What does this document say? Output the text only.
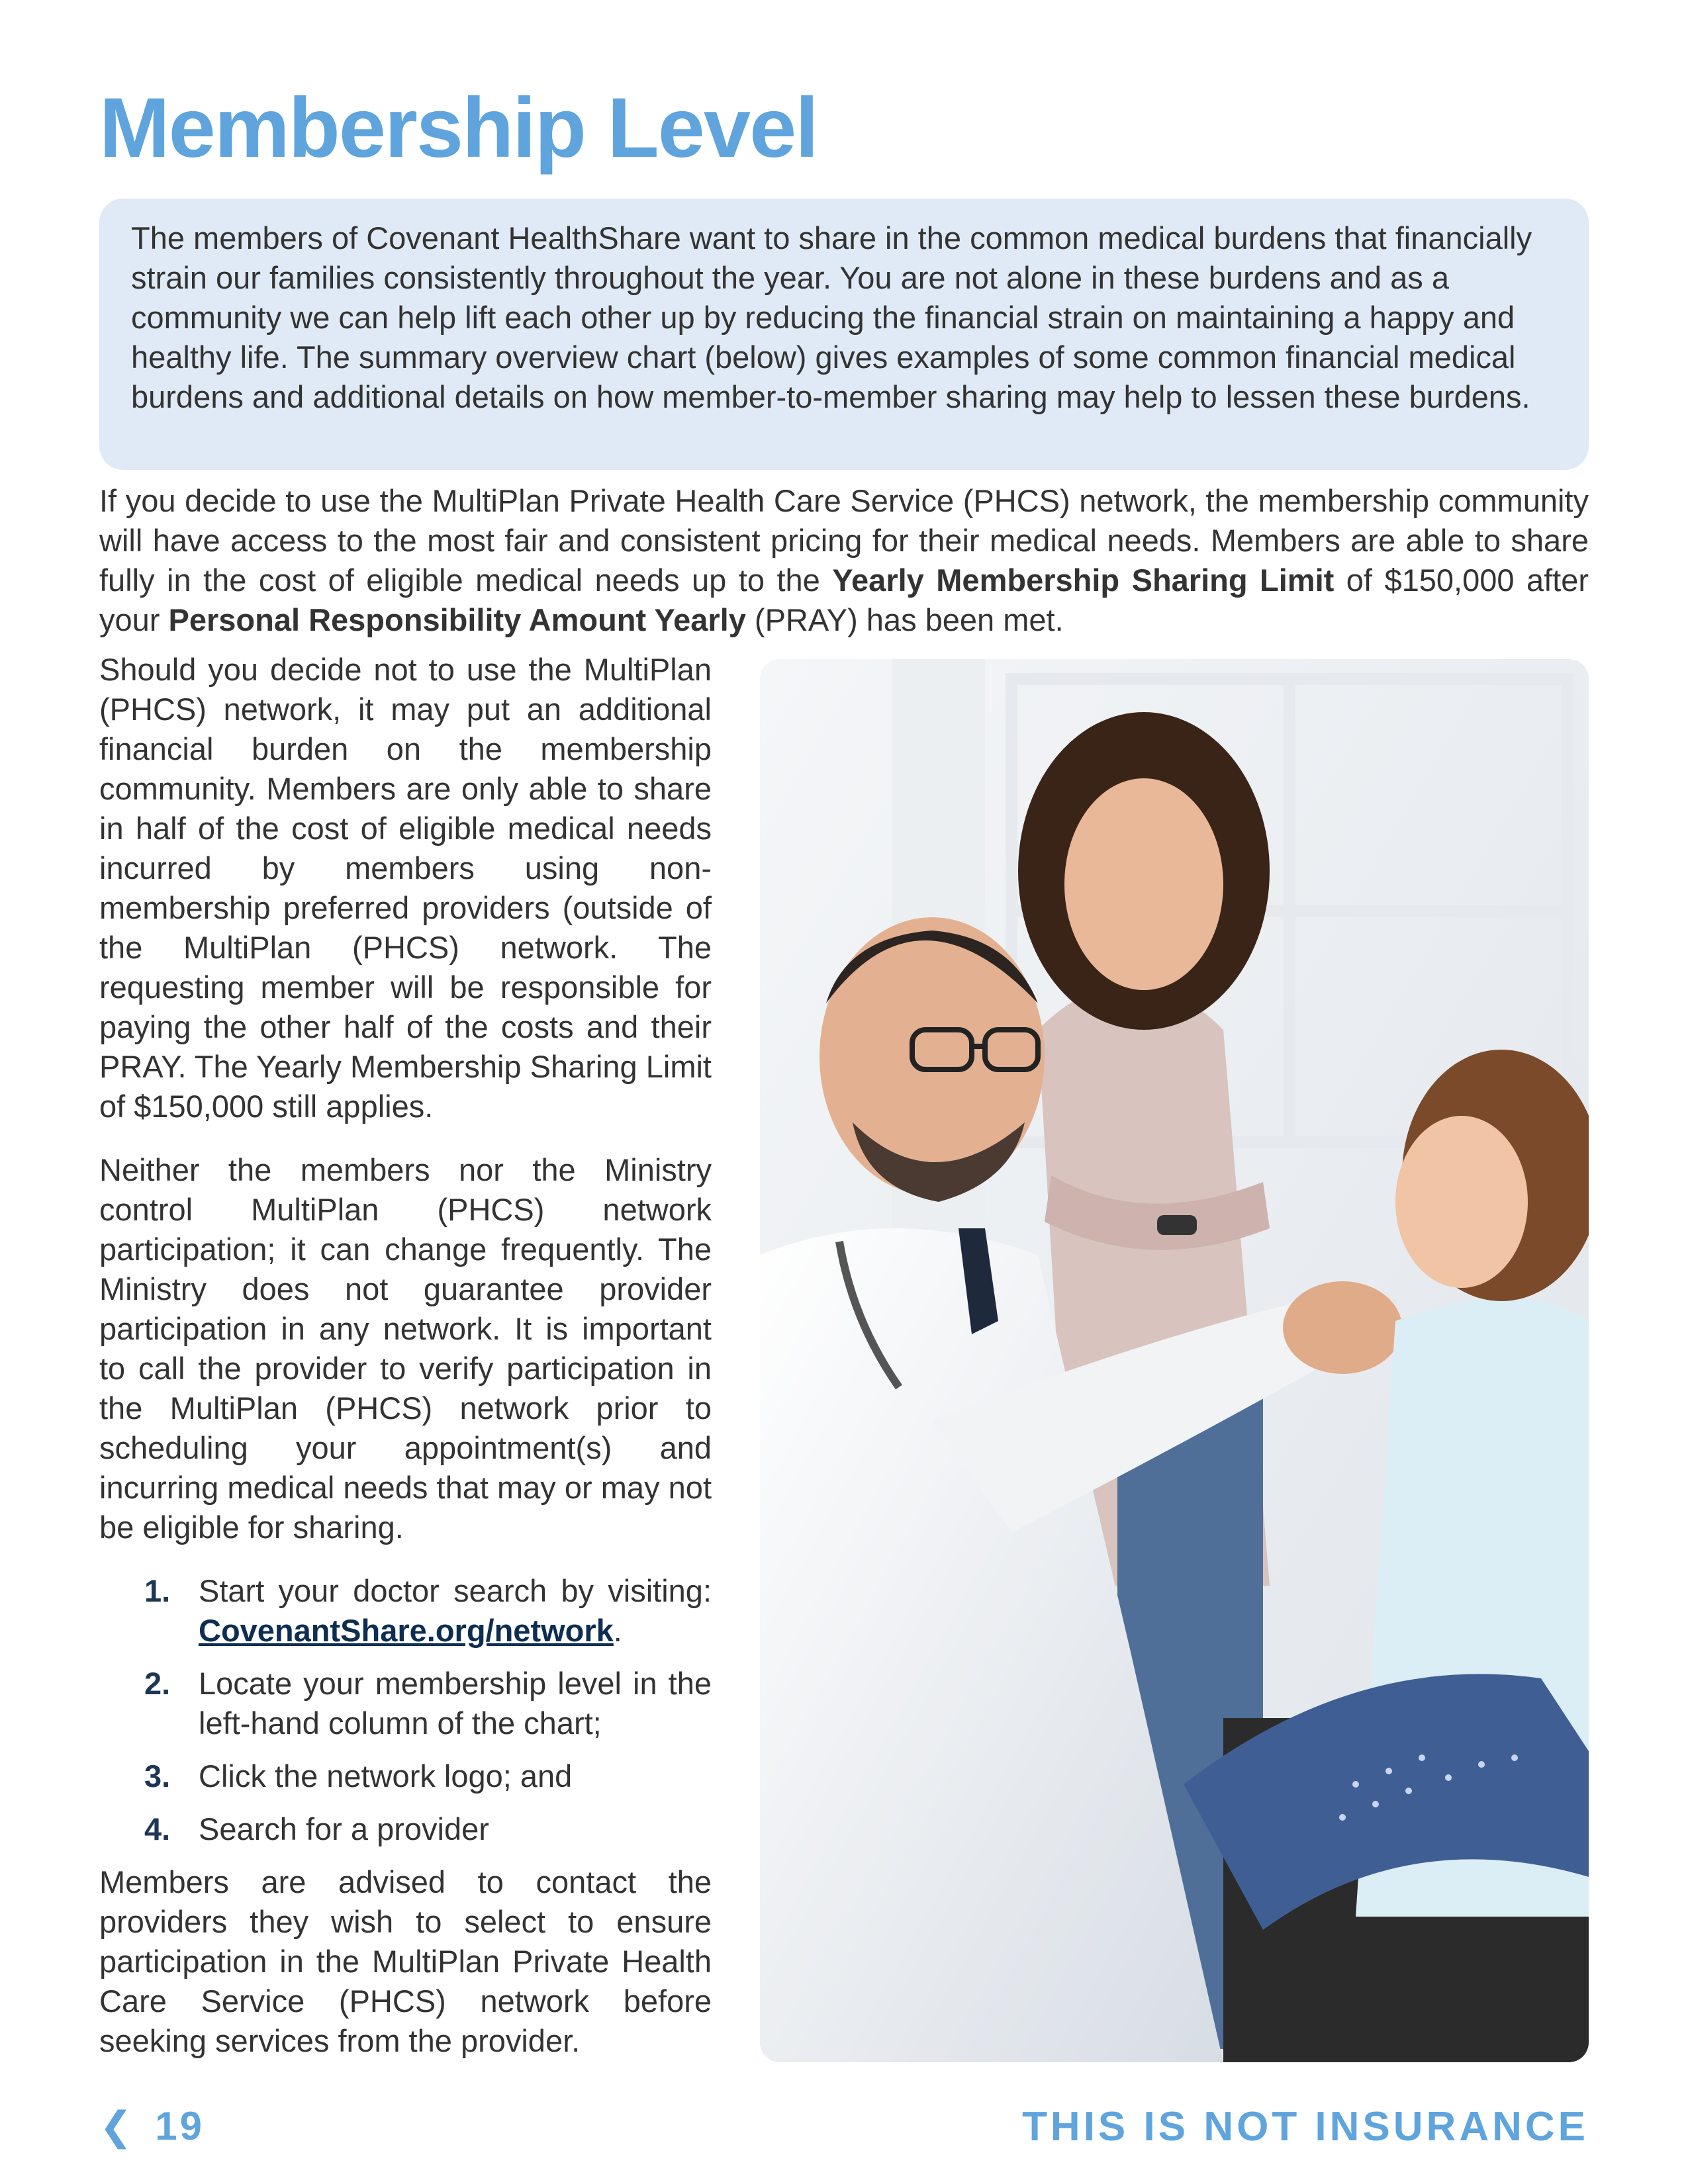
Membership Level

The members of Covenant HealthShare want to share in the common medical burdens that financially strain our families consistently throughout the year. You are not alone in these burdens and as a community we can help lift each other up by reducing the financial strain on maintaining a happy and healthy life. The summary overview chart (below) gives examples of some common financial medical burdens and additional details on how member-to-member sharing may help to lessen these burdens.

If you decide to use the MultiPlan Private Health Care Service (PHCS) network, the membership community will have access to the most fair and consistent pricing for their medical needs. Members are able to share fully in the cost of eligible medical needs up to the Yearly Membership Sharing Limit of $150,000 after your Personal Responsibility Amount Yearly (PRAY) has been met.

Should you decide not to use the MultiPlan (PHCS) network, it may put an additional financial burden on the membership community. Members are only able to share in half of the cost of eligible medical needs incurred by members using non-membership preferred providers (outside of the MultiPlan (PHCS) network. The requesting member will be responsible for paying the other half of the costs and their PRAY. The Yearly Membership Sharing Limit of $150,000 still applies.

Neither the members nor the Ministry control MultiPlan (PHCS) network participation; it can change frequently. The Ministry does not guarantee provider participation in any network. It is important to call the provider to verify participation in the MultiPlan (PHCS) network prior to scheduling your appointment(s) and incurring medical needs that may or may not be eligible for sharing.

1. Start your doctor search by visiting: CovenantShare.org/network.
2. Locate your membership level in the left-hand column of the chart;
3. Click the network logo; and
4. Search for a provider

Members are advised to contact the providers they wish to select to ensure participation in the MultiPlan Private Health Care Service (PHCS) network before seeking services from the provider.

❮ 19	THIS IS NOT INSURANCE
